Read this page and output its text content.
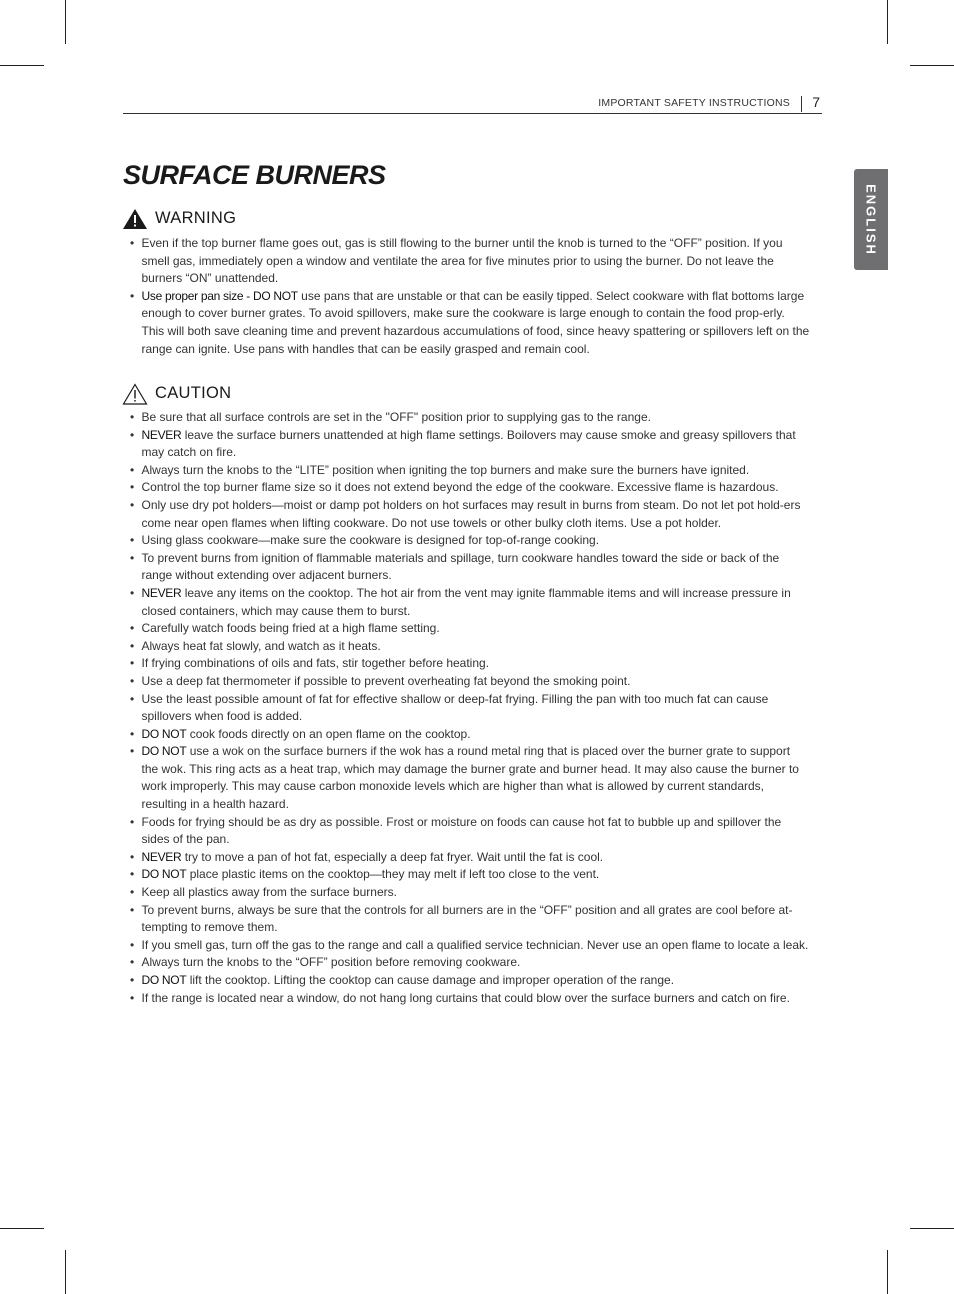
IMPORTANT SAFETY INSTRUCTIONS 7
ENGLISH
SURFACE BURNERS
WARNING
• Even if the top burner flame goes out, gas is still flowing to the burner until the knob is turned to the “OFF” position. If you smell gas, immediately open a window and ventilate the area for five minutes prior to using the burner. Do not leave the burners “ON” unattended.
• Use proper pan size - DO NOT use pans that are unstable or that can be easily tipped. Select cookware with flat bottoms large enough to cover burner grates. To avoid spillovers, make sure the cookware is large enough to contain the food prop-erly. This will both save cleaning time and prevent hazardous accumulations of food, since heavy spattering or spillovers left on the range can ignite. Use pans with handles that can be easily grasped and remain cool.
CAUTION
• Be sure that all surface controls are set in the "OFF" position prior to supplying gas to the range.
• NEVER leave the surface burners unattended at high flame settings. Boilovers may cause smoke and greasy spillovers that may catch on fire.
• Always turn the knobs to the “LITE” position when igniting the top burners and make sure the burners have ignited.
• Control the top burner flame size so it does not extend beyond the edge of the cookware. Excessive flame is hazardous.
• Only use dry pot holders—moist or damp pot holders on hot surfaces may result in burns from steam. Do not let pot hold-ers come near open flames when lifting cookware. Do not use towels or other bulky cloth items. Use a pot holder.
• Using glass cookware—make sure the cookware is designed for top-of-range cooking.
• To prevent burns from ignition of flammable materials and spillage, turn cookware handles toward the side or back of the range without extending over adjacent burners.
• NEVER leave any items on the cooktop. The hot air from the vent may ignite flammable items and will increase pressure in closed containers, which may cause them to burst.
• Carefully watch foods being fried at a high flame setting.
• Always heat fat slowly, and watch as it heats.
• If frying combinations of oils and fats, stir together before heating.
• Use a deep fat thermometer if possible to prevent overheating fat beyond the smoking point.
• Use the least possible amount of fat for effective shallow or deep-fat frying. Filling the pan with too much fat can cause spillovers when food is added.
• DO NOT cook foods directly on an open flame on the cooktop.
• DO NOT use a wok on the surface burners if the wok has a round metal ring that is placed over the burner grate to support the wok. This ring acts as a heat trap, which may damage the burner grate and burner head. It may also cause the burner to work improperly. This may cause carbon monoxide levels which are higher than what is allowed by current standards, resulting in a health hazard.
• Foods for frying should be as dry as possible. Frost or moisture on foods can cause hot fat to bubble up and spillover the sides of the pan.
• NEVER try to move a pan of hot fat, especially a deep fat fryer. Wait until the fat is cool.
• DO NOT place plastic items on the cooktop—they may melt if left too close to the vent.
• Keep all plastics away from the surface burners.
• To prevent burns, always be sure that the controls for all burners are in the “OFF” position and all grates are cool before at-tempting to remove them.
• If you smell gas, turn off the gas to the range and call a qualified service technician. Never use an open flame to locate a leak.
• Always turn the knobs to the “OFF” position before removing cookware.
• DO NOT lift the cooktop. Lifting the cooktop can cause damage and improper operation of the range.
• If the range is located near a window, do not hang long curtains that could blow over the surface burners and catch on fire.
